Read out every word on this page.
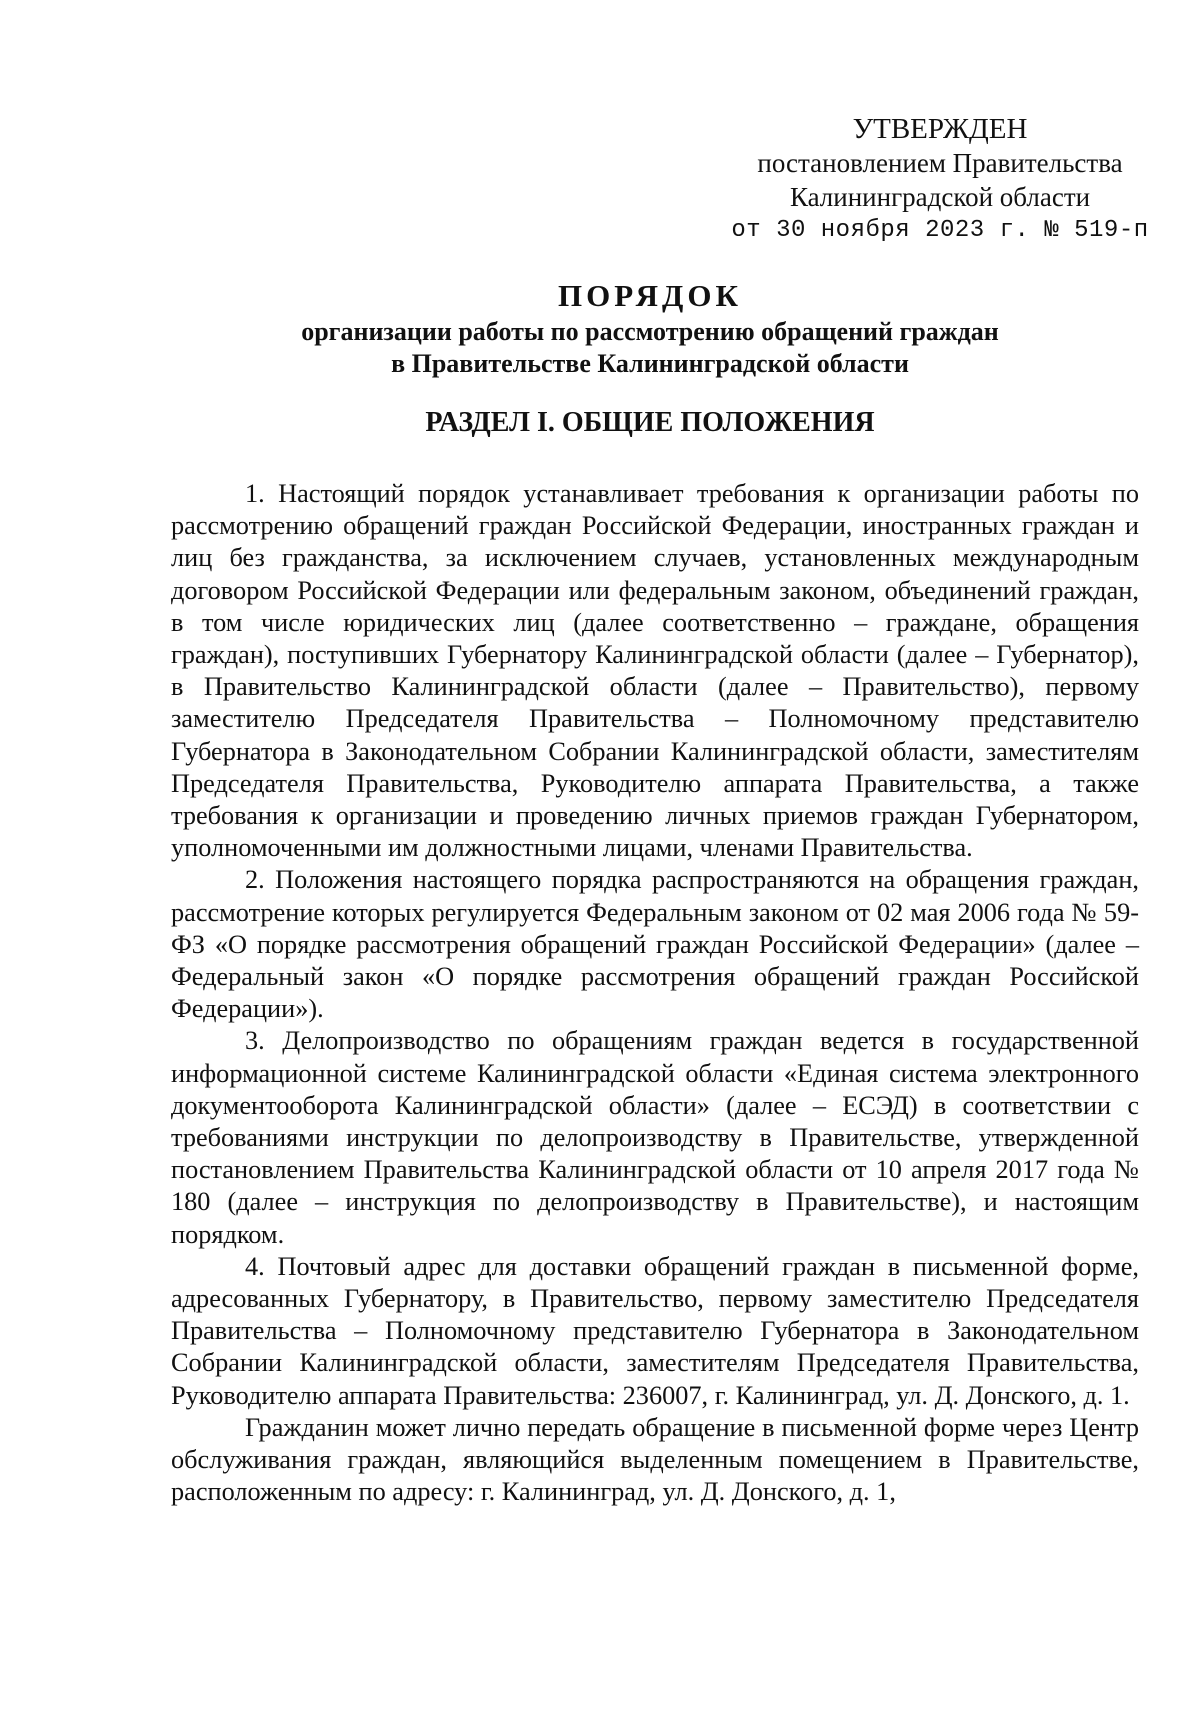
УТВЕРЖДЕН
постановлением Правительства
Калининградской области
от 30 ноября 2023 г. № 519-п
ПОРЯДОК
организации работы по рассмотрению обращений граждан
в Правительстве Калининградской области
РАЗДЕЛ I. ОБЩИЕ ПОЛОЖЕНИЯ

1. Настоящий порядок устанавливает требования к организации работы по рассмотрению обращений граждан Российской Федерации, иностранных граждан и лиц без гражданства, за исключением случаев, установленных международным договором Российской Федерации или федеральным законом, объединений граждан, в том числе юридических лиц (далее соответственно – граждане, обращения граждан), поступивших Губернатору Калининградской области (далее – Губернатор), в Правительство Калининградской области (далее – Правительство), первому заместителю Председателя Правительства – Полномочному представителю Губернатора в Законодательном Собрании Калининградской области, заместителям Председателя Правительства, Руководителю аппарата Правительства, а также требования к организации и проведению личных приемов граждан Губернатором, уполномоченными им должностными лицами, членами Правительства.

2. Положения настоящего порядка распространяются на обращения граждан, рассмотрение которых регулируется Федеральным законом от 02 мая 2006 года № 59-ФЗ «О порядке рассмотрения обращений граждан Российской Федерации» (далее – Федеральный закон «О порядке рассмотрения обращений граждан Российской Федерации»).

3. Делопроизводство по обращениям граждан ведется в государственной информационной системе Калининградской области «Единая система электронного документооборота Калининградской области» (далее – ЕСЭД) в соответствии с требованиями инструкции по делопроизводству в Правительстве, утвержденной постановлением Правительства Калининградской области от 10 апреля 2017 года № 180 (далее – инструкция по делопроизводству в Правительстве), и настоящим порядком.

4. Почтовый адрес для доставки обращений граждан в письменной форме, адресованных Губернатору, в Правительство, первому заместителю Председателя Правительства – Полномочному представителю Губернатора в Законодательном Собрании Калининградской области, заместителям Председателя Правительства, Руководителю аппарата Правительства: 236007, г. Калининград, ул. Д. Донского, д. 1.

Гражданин может лично передать обращение в письменной форме через Центр обслуживания граждан, являющийся выделенным помещением в Правительстве, расположенным по адресу: г. Калининград, ул. Д. Донского, д. 1,
